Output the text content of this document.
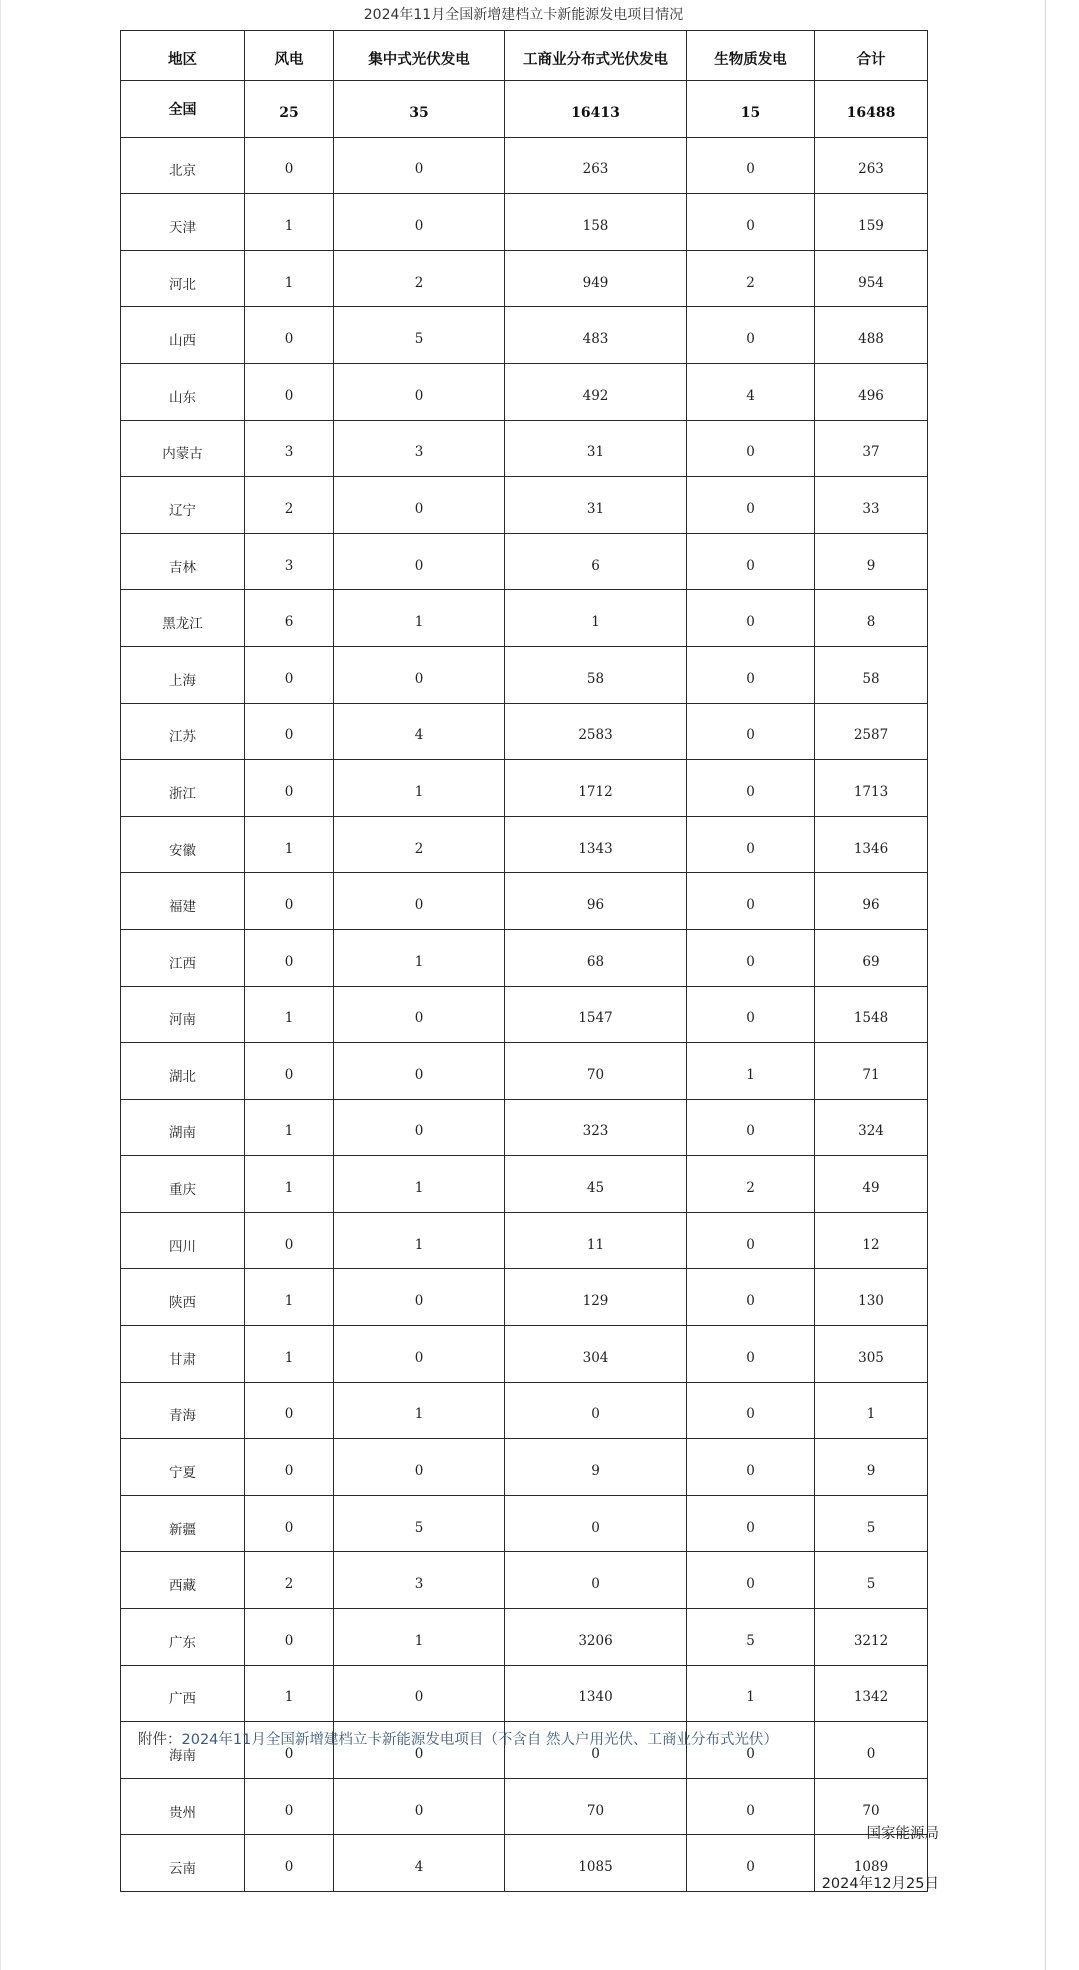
2024年11月全国新增建档立卡新能源发电项目情况
地区	风电	集中式光伏发电	工商业分布式光伏发电	生物质发电	合计
全国	25	35	16413	15	16488
北京	0	0	263	0	263
天津	1	0	158	0	159
河北	1	2	949	2	954
山西	0	5	483	0	488
山东	0	0	492	4	496
内蒙古	3	3	31	0	37
辽宁	2	0	31	0	33
吉林	3	0	6	0	9
黑龙江	6	1	1	0	8
上海	0	0	58	0	58
江苏	0	4	2583	0	2587
浙江	0	1	1712	0	1713
安徽	1	2	1343	0	1346
福建	0	0	96	0	96
江西	0	1	68	0	69
河南	1	0	1547	0	1548
湖北	0	0	70	1	71
湖南	1	0	323	0	324
重庆	1	1	45	2	49
四川	0	1	11	0	12
陕西	1	0	129	0	130
甘肃	1	0	304	0	305
青海	0	1	0	0	1
宁夏	0	0	9	0	9
新疆	0	5	0	0	5
西藏	2	3	0	0	5
广东	0	1	3206	5	3212
广西	1	0	1340	1	1342
海南	0	0	0	0	0
贵州	0	0	70	0	70
云南	0	4	1085	0	1089
附件：2024年11月全国新增建档立卡新能源发电项目（不含自 然人户用光伏、工商业分布式光伏）
国家能源局
2024年12月25日
